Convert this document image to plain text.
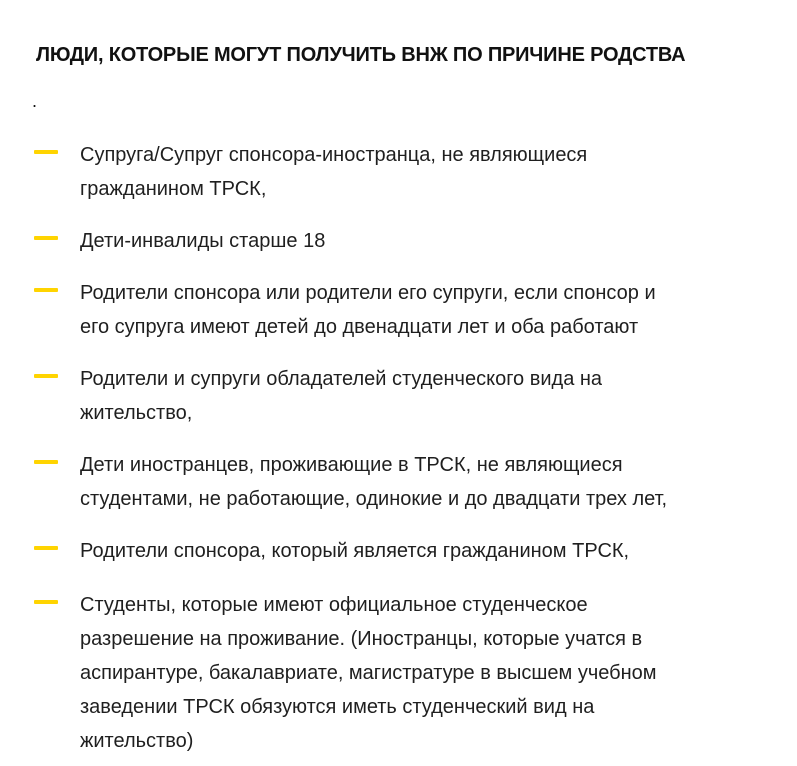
ЛЮДИ, КОТОРЫЕ МОГУТ ПОЛУЧИТЬ ВНЖ ПО ПРИЧИНЕ РОДСТВА
.

Супруга/Супруг спонсора-иностранца, не являющиеся
гражданином ТРСК,

Дети-инвалиды старше 18

Родители спонсора или родители его супруги, если спонсор и
его супруга имеют детей до двенадцати лет и оба работают

Родители и супруги обладателей студенческого вида на
жительство,

Дети иностранцев, проживающие в ТРСК, не являющиеся
студентами, не работающие, одинокие и до двадцати трех лет,

Родители спонсора, который является гражданином ТРСК,

Студенты, которые имеют официальное студенческое
разрешение на проживание. (Иностранцы, которые учатся в
аспирантуре, бакалавриате, магистратуре в высшем учебном
заведении ТРСК обязуются иметь студенческий вид на
жительство)
